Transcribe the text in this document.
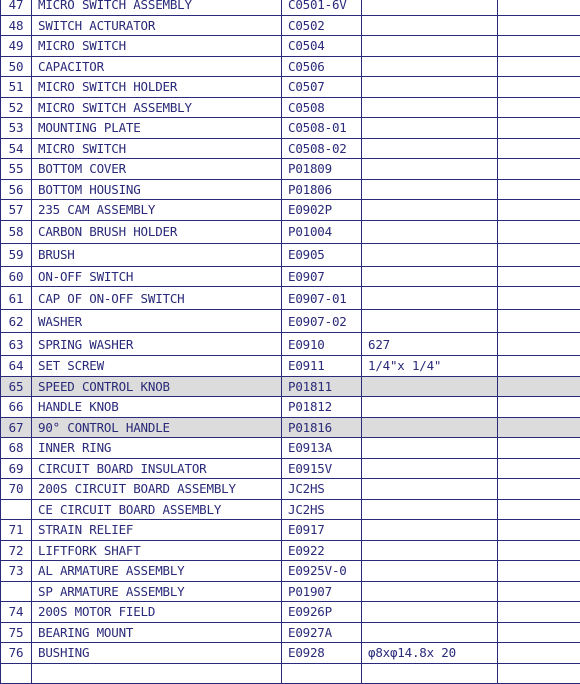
47	MICRO SWITCH ASSEMBLY	C0501-6V		
48	SWITCH ACTURATOR	C0502		
49	MICRO SWITCH	C0504		
50	CAPACITOR	C0506		
51	MICRO SWITCH HOLDER	C0507		
52	MICRO SWITCH ASSEMBLY	C0508		
53	MOUNTING PLATE	C0508-01		
54	MICRO SWITCH	C0508-02		
55	BOTTOM COVER	P01809		
56	BOTTOM HOUSING	P01806		
57	235 CAM ASSEMBLY	E0902P		
58	CARBON BRUSH HOLDER	P01004		
59	BRUSH	E0905		
60	ON-OFF SWITCH	E0907		
61	CAP OF ON-OFF SWITCH	E0907-01		
62	WASHER	E0907-02		
63	SPRING WASHER	E0910	627	
64	SET SCREW	E0911	1/4"x 1/4"	
65	SPEED CONTROL KNOB	P01811		
66	HANDLE KNOB	P01812		
67	90° CONTROL HANDLE	P01816		
68	INNER RING	E0913A		
69	CIRCUIT BOARD INSULATOR	E0915V		
70	200S CIRCUIT BOARD ASSEMBLY	JC2HS		
	CE CIRCUIT BOARD ASSEMBLY	JC2HS		
71	STRAIN RELIEF	E0917		
72	LIFTFORK SHAFT	E0922		
73	AL ARMATURE ASSEMBLY	E0925V-0		
	SP ARMATURE ASSEMBLY	P01907		
74	200S MOTOR FIELD	E0926P		
75	BEARING MOUNT	E0927A		
76	BUSHING	E0928	φ8xφ14.8x 20	
